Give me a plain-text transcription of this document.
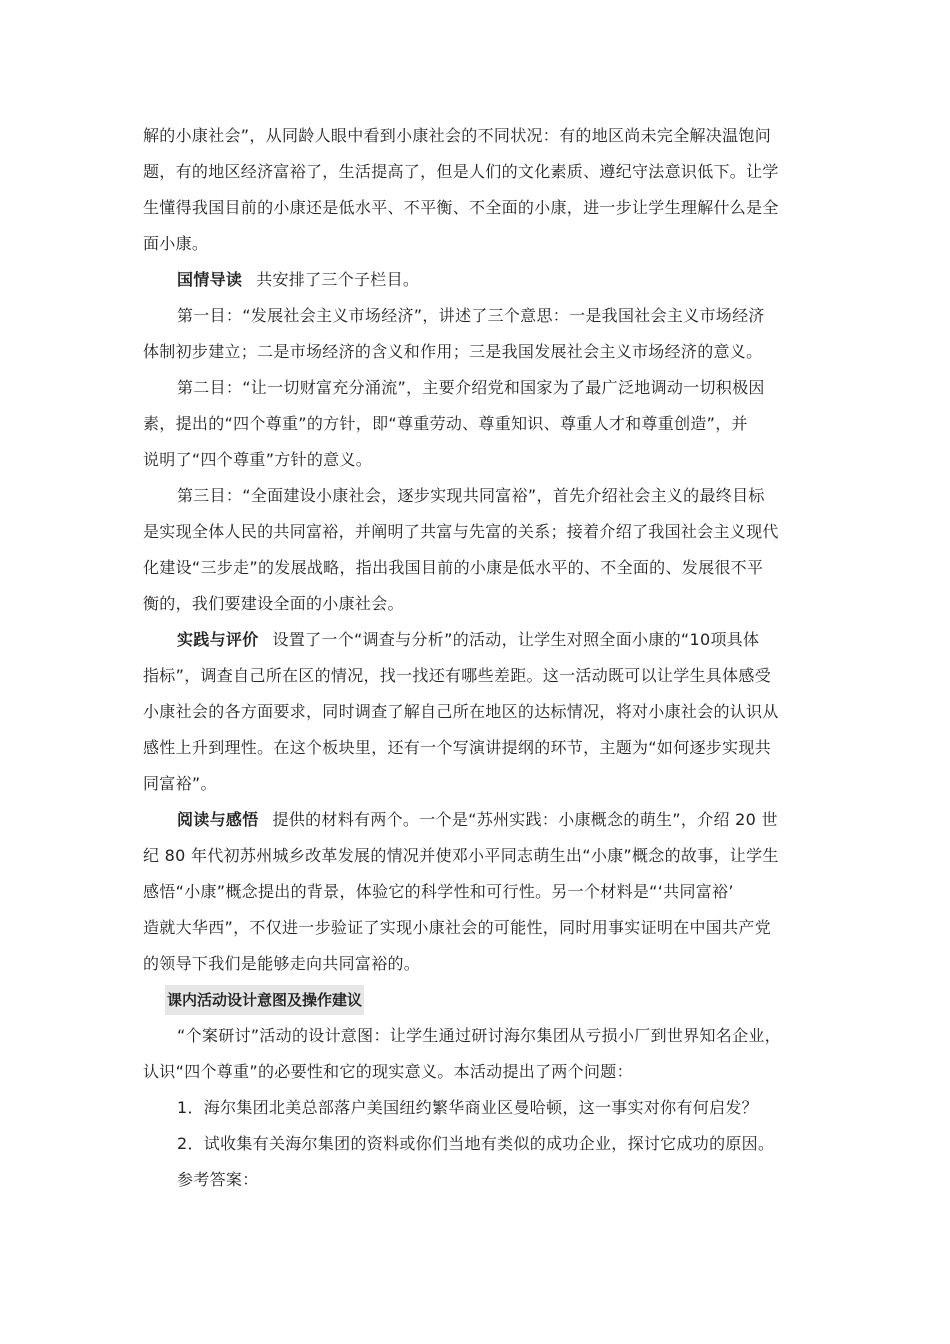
解的小康社会”，从同龄人眼中看到小康社会的不同状况：有的地区尚未完全解决温饱问
题，有的地区经济富裕了，生活提高了，但是人们的文化素质、遵纪守法意识低下。让学
生懂得我国目前的小康还是低水平、不平衡、不全面的小康，进一步让学生理解什么是全
面小康。
国情导读 共安排了三个子栏目。
第一目：“发展社会主义市场经济”，讲述了三个意思：一是我国社会主义市场经济
体制初步建立；二是市场经济的含义和作用；三是我国发展社会主义市场经济的意义。
第二目：“让一切财富充分涌流”，主要介绍党和国家为了最广泛地调动一切积极因
素，提出的“四个尊重”的方针，即“尊重劳动、尊重知识、尊重人才和尊重创造”，并
说明了“四个尊重”方针的意义。
第三目：“全面建设小康社会，逐步实现共同富裕”，首先介绍社会主义的最终目标
是实现全体人民的共同富裕，并阐明了共富与先富的关系；接着介绍了我国社会主义现代
化建设“三步走”的发展战略，指出我国目前的小康是低水平的、不全面的、发展很不平
衡的，我们要建设全面的小康社会。
实践与评价 设置了一个“调查与分析”的活动，让学生对照全面小康的“10项具体
指标”，调查自己所在区的情况，找一找还有哪些差距。这一活动既可以让学生具体感受
小康社会的各方面要求，同时调查了解自己所在地区的达标情况，将对小康社会的认识从
感性上升到理性。在这个板块里，还有一个写演讲提纲的环节，主题为“如何逐步实现共
同富裕”。
阅读与感悟 提供的材料有两个。一个是“苏州实践：小康概念的萌生”，介绍 20 世
纪 80 年代初苏州城乡改革发展的情况并使邓小平同志萌生出“小康”概念的故事，让学生
感悟“小康”概念提出的背景，体验它的科学性和可行性。另一个材料是“‘共同富裕’
造就大华西”，不仅进一步验证了实现小康社会的可能性，同时用事实证明在中国共产党
的领导下我们是能够走向共同富裕的。
课内活动设计意图及操作建议
“个案研讨”活动的设计意图：让学生通过研讨海尔集团从亏损小厂到世界知名企业，
认识“四个尊重”的必要性和它的现实意义。本活动提出了两个问题：
1．海尔集团北美总部落户美国纽约繁华商业区曼哈顿，这一事实对你有何启发？
2．试收集有关海尔集团的资料或你们当地有类似的成功企业，探讨它成功的原因。
参考答案：
